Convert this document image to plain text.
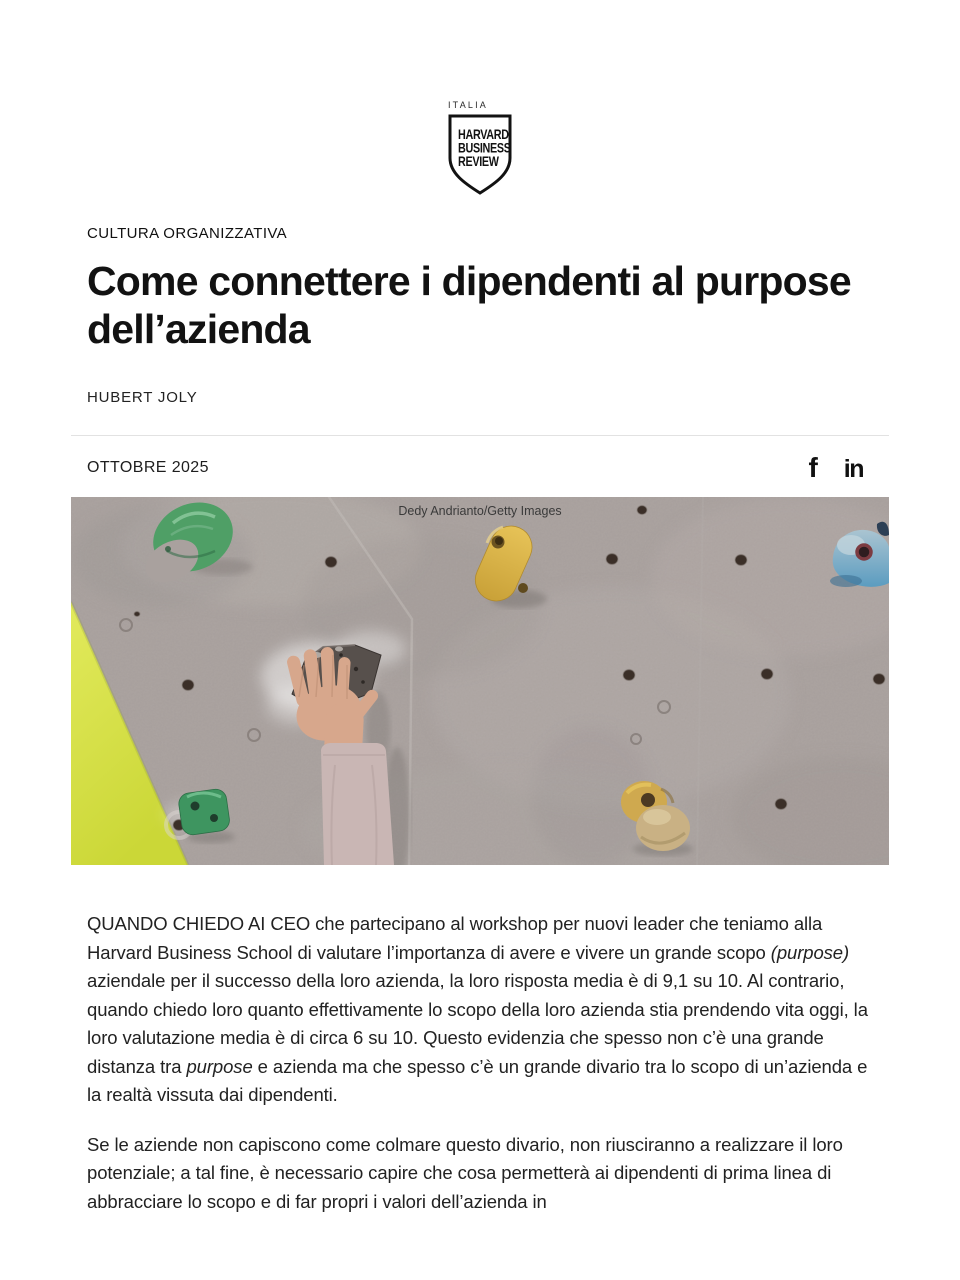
ITALIA
HARVARD
BUSINESS
REVIEW
CULTURA ORGANIZZATIVA
Come connettere i dipendenti al purpose dell’azienda
HUBERT JOLY
OTTOBRE 2025	f in
Dedy Andrianto/Getty Images

QUANDO CHIEDO AI CEO che partecipano al workshop per nuovi leader che teniamo alla Harvard Business School di valutare l’importanza di avere e vivere un grande scopo (purpose) aziendale per il successo della loro azienda, la loro risposta media è di 9,1 su 10. Al contrario, quando chiedo loro quanto effettivamente lo scopo della loro azienda stia prendendo vita oggi, la loro valutazione media è di circa 6 su 10. Questo evidenzia che spesso non c’è una grande distanza tra purpose e azienda ma che spesso c’è un grande divario tra lo scopo di un’azienda e la realtà vissuta dai dipendenti.

Se le aziende non capiscono come colmare questo divario, non riusciranno a realizzare il loro potenziale; a tal fine, è necessario capire che cosa permetterà ai dipendenti di prima linea di abbracciare lo scopo e di far propri i valori dell’azienda in
